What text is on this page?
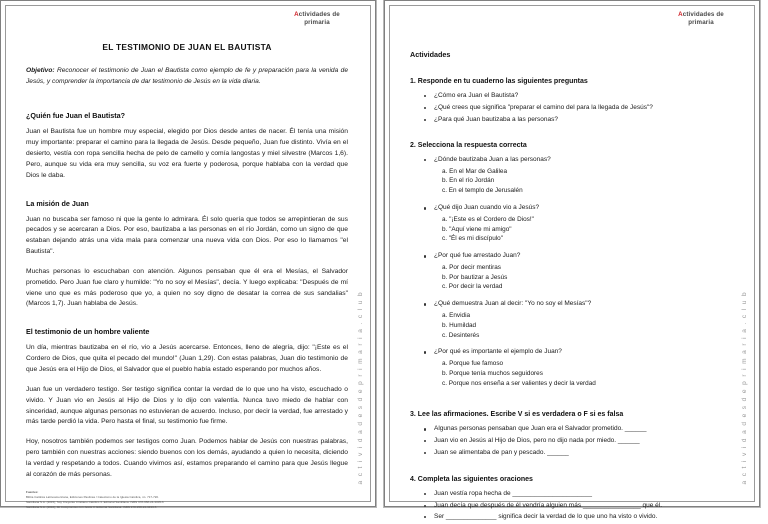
Actividades de
primaria
a c t i v i d a d e s d e p r i m a r i a . c l u b
EL TESTIMONIO DE JUAN EL BAUTISTA
Objetivo: Reconocer el testimonio de Juan el Bautista como ejemplo de fe y preparación para la venida de Jesús, y comprender la importancia de dar testimonio de Jesús en la vida diaria.
¿Quién fue Juan el Bautista?

Juan el Bautista fue un hombre muy especial, elegido por Dios desde antes de nacer. Él tenía una misión muy importante: preparar el camino para la llegada de Jesús. Desde pequeño, Juan fue distinto. Vivía en el desierto, vestía con ropa sencilla hecha de pelo de camello y comía langostas y miel silvestre (Marcos 1,6). Pero, aunque su vida era muy sencilla, su voz era fuerte y poderosa, porque hablaba con la verdad que Dios le daba.

La misión de Juan

Juan no buscaba ser famoso ni que la gente lo admirara. Él solo quería que todos se arrepintieran de sus pecados y se acercaran a Dios. Por eso, bautizaba a las personas en el río Jordán, como un signo de que estaban dejando atrás una vida mala para comenzar una nueva vida con Dios. Por eso lo llamamos "el Bautista".

Muchas personas lo escuchaban con atención. Algunos pensaban que él era el Mesías, el Salvador prometido. Pero Juan fue claro y humilde: "Yo no soy el Mesías", decía. Y luego explicaba: "Después de mí viene uno que es más poderoso que yo, a quien no soy digno de desatar la correa de sus sandalias" (Marcos 1,7). Juan hablaba de Jesús.

El testimonio de un hombre valiente

Un día, mientras bautizaba en el río, vio a Jesús acercarse. Entonces, lleno de alegría, dijo: "¡Este es el Cordero de Dios, que quita el pecado del mundo!" (Juan 1,29). Con estas palabras, Juan dio testimonio de que Jesús era el Hijo de Dios, el Salvador que el pueblo había estado esperando por muchos años.

Juan fue un verdadero testigo. Ser testigo significa contar la verdad de lo que uno ha visto, escuchado o vivido. Y Juan vio en Jesús al Hijo de Dios y lo dijo con valentía. Nunca tuvo miedo de hablar con sinceridad, aunque algunas personas no estuvieran de acuerdo. Incluso, por decir la verdad, fue arrestado y más tarde perdió la vida. Pero hasta el final, su testimonio fue firme.

Hoy, nosotros también podemos ser testigos como Juan. Podemos hablar de Jesús con nuestras palabras, pero también con nuestras acciones: siendo buenos con los demás, ayudando a quien lo necesita, diciendo la verdad y respetando a todos. Cuando vivimos así, estamos preparando el camino para que Jesús llegue al corazón de más personas.

Fuentes:
Biblia Católica Latinoamericana, Ediciones Paulinas / Catecismo de la Iglesia Católica, nn. 717-720.
Santillana S.A. (2015), Soy Creyente Cristiano Católico 3. Editorial Santillana. ISBN 978-958-24-3005-6
Santillana S.A. (2016), Mi Compromiso con Jesús 3. Editorial Santillana. ISBN 978-958-24-3433-5
Actividades de
primaria
a c t i v i d a d e s d e p r i m a r i a . c l u b
Actividades
1. Responde en tu cuaderno las siguientes preguntas
¿Cómo era Juan el Bautista?
¿Qué crees que significa "preparar el camino del para la llegada de Jesús"?
¿Para qué Juan bautizaba a las personas?
2. Selecciona la respuesta correcta
¿Dónde bautizaba Juan a las personas?
a. En el Mar de Galilea
b. En el río Jordán
c. En el templo de Jerusalén
¿Qué dijo Juan cuando vio a Jesús?
a. "¡Este es el Cordero de Dios!"
b. "Aquí viene mi amigo"
c. "Él es mi discípulo"
¿Por qué fue arrestado Juan?
a. Por decir mentiras
b. Por bautizar a Jesús
c. Por decir la verdad
¿Qué demuestra Juan al decir: "Yo no soy el Mesías"?
a. Envidia
b. Humildad
c. Desinterés
¿Por qué es importante el ejemplo de Juan?
a. Porque fue famoso
b. Porque tenía muchos seguidores
c. Porque nos enseña a ser valientes y decir la verdad
3. Lee las afirmaciones. Escribe V si es verdadera o F si es falsa
Algunas personas pensaban que Juan era el Salvador prometido. ______
Juan vio en Jesús al Hijo de Dios, pero no dijo nada por miedo. ______
Juan se alimentaba de pan y pescado. ______
4. Completa las siguientes oraciones
Juan vestía ropa hecha de ______________________
Juan decía que después de él vendría alguien más ________________ que él.
Ser ______________ significa decir la verdad de lo que uno ha visto o vivido.
